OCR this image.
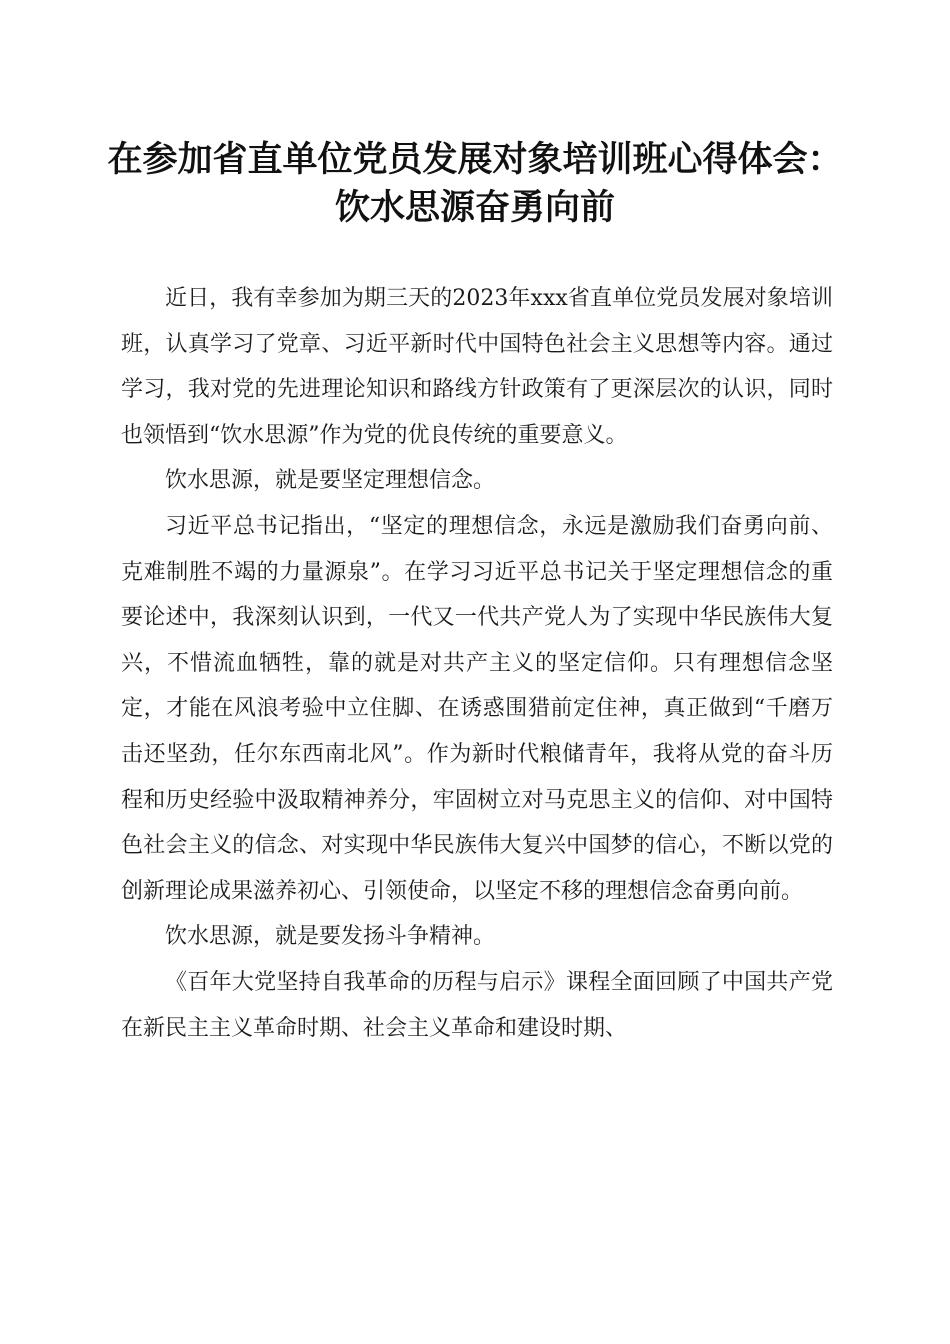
在参加省直单位党员发展对象培训班心得体会：
饮水思源奋勇向前

近日，我有幸参加为期三天的2023年xxx省直单位党员发展对象培训班，认真学习了党章、习近平新时代中国特色社会主义思想等内容。通过学习，我对党的先进理论知识和路线方针政策有了更深层次的认识，同时也领悟到“饮水思源”作为党的优良传统的重要意义。

饮水思源，就是要坚定理想信念。

习近平总书记指出，“坚定的理想信念，永远是激励我们奋勇向前、克难制胜不竭的力量源泉”。在学习习近平总书记关于坚定理想信念的重要论述中，我深刻认识到，一代又一代共产党人为了实现中华民族伟大复兴，不惜流血牺牲，靠的就是对共产主义的坚定信仰。只有理想信念坚定，才能在风浪考验中立住脚、在诱惑围猎前定住神，真正做到“千磨万击还坚劲，任尔东西南北风”。作为新时代粮储青年，我将从党的奋斗历程和历史经验中汲取精神养分，牢固树立对马克思主义的信仰、对中国特色社会主义的信念、对实现中华民族伟大复兴中国梦的信心，不断以党的创新理论成果滋养初心、引领使命，以坚定不移的理想信念奋勇向前。

饮水思源，就是要发扬斗争精神。

《百年大党坚持自我革命的历程与启示》课程全面回顾了中国共产党在新民主主义革命时期、社会主义革命和建设时期、
